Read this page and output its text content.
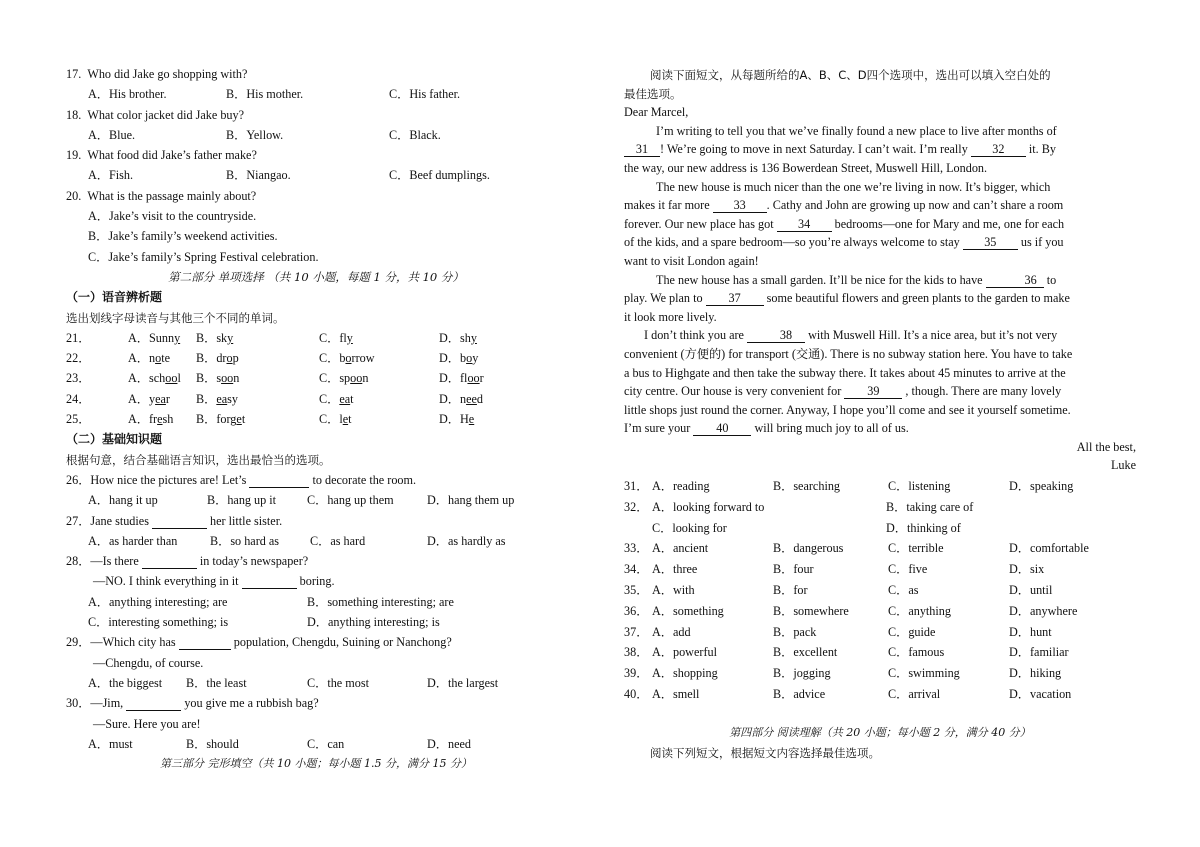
17. Who did Jake go shopping with?
A．His brother.	B．His mother.	C．His father.
18. What color jacket did Jake buy?
A．Blue.	B．Yellow.	C．Black.
19. What food did Jake’s father make?
A．Fish.	B．Niangao.	C．Beef dumplings.
20. What is the passage mainly about?
A．Jake’s visit to the countryside.
B．Jake’s family’s weekend activities.
C．Jake’s family’s Spring Festival celebration.
第二部分 单项选择 （共 10 小题，每题 1 分，共 10 分）
（一）语音辨析题
选出划线字母读音与其他三个不同的单词。
21．	A．Sunny B．sky	C．fly	D．shy
22．	A．note B．drop	C．borrow	D．boy
23．	A．school B．soon	C．spoon	D．floor
24．	A．year B．easy	C．eat	D．need
25．	A．fresh B．forget	C．let	D．He
（二）基础知识题
根据句意，结合基础语言知识，选出最恰当的选项。
26．How nice the pictures are! Let’s	to decorate the room.
A．hang it up	B．hang up it	C．hang up them	D．hang them up
27．Jane studies	her little sister.
A．as harder than	B．so hard as	C．as hard	D．as hardly as
28．—Is there	in today’s newspaper?
—NO. I think everything in it	boring.
A．anything interesting; are	B．something interesting; are
C．interesting something; is	D．anything interesting; is
29．—Which city has	population, Chengdu, Suining or Nanchong?
—Chengdu, of course.
A．the biggest B．the least	C．the most	D．the largest
30．—Jim,	you give me a rubbish bag?
—Sure. Here you are!
A．must	B．should	C．can	D．need
第三部分 完形填空（共 10 小题；每小题 1.5 分，满分 15 分）
阅读下面短文，从每题所给的A、B、C、D四个选项中，选出可以填入空白处的
最佳选项。
Dear Marcel,
I’m writing to tell you that we’ve finally found a new place to live after months of
31 ! We’re going to move in next Saturday. I can’t wait. I’m really 32 it. By
the way, our new address is 136 Bowerdean Street, Muswell Hill, London.
The new house is much nicer than the one we’re living in now. It’s bigger, which
makes it far more 33 . Cathy and John are growing up now and can’t share a room
forever. Our new place has got 34 bedrooms—one for Mary and me, one for each
of the kids, and a spare bedroom—so you’re always welcome to stay 35 us if you
want to visit London again!
The new house has a small garden. It’ll be nice for the kids to have	36 to
play. We plan to 37 some beautiful flowers and green plants to the garden to make
it look more lively.
I don’t think you are	38 with Muswell Hill. It’s a nice area, but it’s not very
convenient (方便的) for transport (交通). There is no subway station here. You have to take
a bus to Highgate and then take the subway there. It takes about 45 minutes to arrive at the
city centre. Our house is very convenient for 39 , though. There are many lovely
little shops just round the corner. Anyway, I hope you’ll come and see it yourself sometime.
I’m sure your 40 will bring much joy to all of us.
All the best,
Luke
31． A．reading	B．searching	C．listening	D．speaking
32． A．looking forward to	B．taking care of
C．looking for	D．thinking of
33． A．ancient	B．dangerous	C．terrible	D．comfortable
34． A．three	B．four	C．five	D．six
35． A．with	B．for	C．as	D．until
36． A．something	B．somewhere	C．anything	D．anywhere
37． A．add	B．pack	C．guide	D．hunt
38． A．powerful	B．excellent	C．famous	D．familiar
39． A．shopping	B．jogging	C．swimming	D．hiking
40． A．smell	B．advice	C．arrival	D．vacation
第四部分 阅读理解（共 20 小题；每小题 2 分，满分 40 分）
阅读下列短文，根据短文内容选择最佳选项。
